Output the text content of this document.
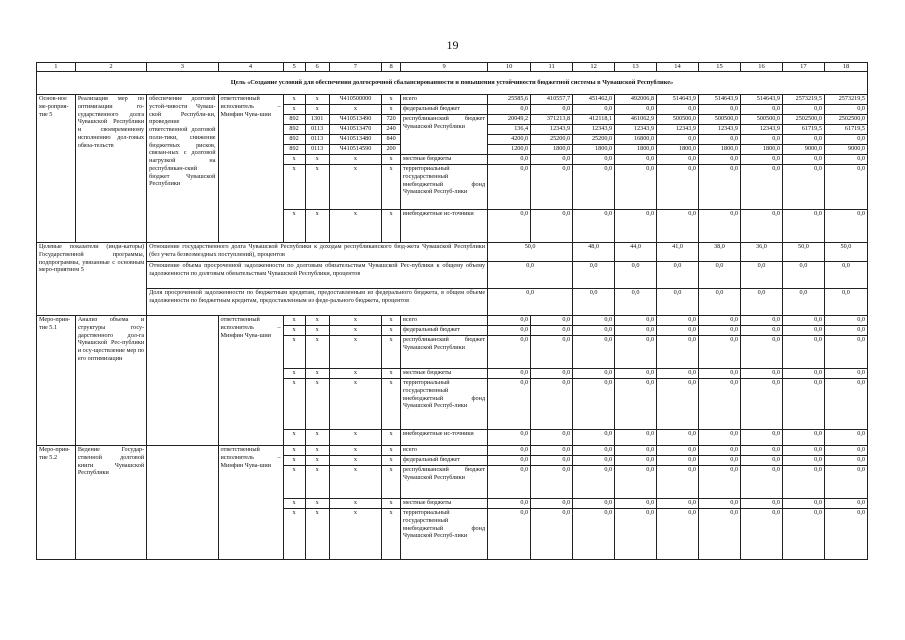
19
1	2	3	4	5	6	7	8	9	10	11	12	13	14	15	16	17	18
Цель «Создание условий для обеспечения долгосрочной сбалансированности и повышения устойчивости бюджетной системы в Чувашской Республике»																	
Основ-ное ме-роприя-тие 5	Реализация мер по оптимизации го-сударственного долга Чувашской Республики и своевременному исполнению дол-говых обяза-тельств	обеспечение долговой устой-чивости Чуваш-ской Республи-ки, проведение ответственной долговой поли-тики, снижение бюджетных рисков, связан-ных с долговой нагрузкой на республикан-ский бюджет Чувашской Республики	ответственный исполнитель – Минфин Чува-шии	x	x	Ч410500000	x	всего	25585,6	410557,7	451462,0	492006,8	514643,9	514643,9	514643,9	2573219,5	2573219,5
				x	x	x	x	федеральный бюджет	0,0	0,0	0,0	0,0	0,0	0,0	0,0	0,0	0,0
				892	1301	Ч410513490	720	республиканский бюджет Чувашской Республики	20049,2	371213,8	412118,1	461062,9	500500,0	500500,0	500500,0	2502500,0	2502500,0
				892	0113	Ч410513470	240		136,4	12343,9	12343,9	12343,9	12343,9	12343,9	12343,9	61719,5	61719,5
				892	0113	Ч410513480	840		4200,0	25200,0	25200,0	16800,0	0,0	0,0	0,0	0,0	0,0
				892	0113	Ч410514590	200		1200,0	1800,0	1800,0	1800,0	1800,0	1800,0	1800,0	9000,0	9000,0
				x	x	x	x	местные бюджеты	0,0	0,0	0,0	0,0	0,0	0,0	0,0	0,0	0,0
				x	x	x	x	территориальный государственный внебюджетный фонд Чувашской Респуб-лики	0,0	0,0	0,0	0,0	0,0	0,0	0,0	0,0	0,0
				x	x	x	x	внебюджетные ис-точники	0,0	0,0	0,0	0,0	0,0	0,0	0,0	0,0	0,0
Целевые показатели (инди-каторы) Государственной программы, подпрограммы, увязанные с основным меро-приятием 5		Отношение государственного долга Чувашской Республики к доходам республиканского бюд-жета Чувашской Республики (без учета безвозмездных поступлений), процентов							50,0		48,0	44,0	41,0	38,0	36,0	50,0	50,0
		Отношение объема просроченной задолженности по долговым обязательствам Чувашской Рес-публики к общему объему задолженности по долговым обязательствам Чувашской Республики, процентов							0,0		0,0	0,0	0,0	0,0	0,0	0,0	0,0
		Доля просроченной задолженности по бюджетным кредитам, предоставленным из федерального бюджета, в общем объеме задолженности по бюджетным кредитам, предоставленным из феде-рального бюджета, процентов							0,0		0,0	0,0	0,0	0,0	0,0	0,0	0,0
Меро-прия-тие 5.1	Анализ объема и структуры госу-дарственного дол-га Чувашской Рес-публики и осу-ществление мер по его оптимизации		ответственный исполнитель – Минфин Чува-шии	x	x	x	x	всего	0,0	0,0	0,0	0,0	0,0	0,0	0,0	0,0	0,0
				x	x	x	x	федеральный бюджет	0,0	0,0	0,0	0,0	0,0	0,0	0,0	0,0	0,0
				x	x	x	x	республиканский бюджет Чувашской Республики	0,0	0,0	0,0	0,0	0,0	0,0	0,0	0,0	0,0
				x	x	x	x	местные бюджеты	0,0	0,0	0,0	0,0	0,0	0,0	0,0	0,0	0,0
				x	x	x	x	территориальный государственный внебюджетный фонд Чувашской Респуб-лики	0,0	0,0	0,0	0,0	0,0	0,0	0,0	0,0	0,0
				x	x	x	x	внебюджетные ис-точники	0,0	0,0	0,0	0,0	0,0	0,0	0,0	0,0	0,0
Меро-прия-тие 5.2	Ведение Государ-ственной долговой книги Чувашской Республики		ответственный исполнитель – Минфин Чува-шии	x	x	x	x	всего	0,0	0,0	0,0	0,0	0,0	0,0	0,0	0,0	0,0
				x	x	x	x	федеральный бюджет	0,0	0,0	0,0	0,0	0,0	0,0	0,0	0,0	0,0
				x	x	x	x	республиканский бюджет Чувашской Республики	0,0	0,0	0,0	0,0	0,0	0,0	0,0	0,0	0,0
				x	x	x	x	местные бюджеты	0,0	0,0	0,0	0,0	0,0	0,0	0,0	0,0	0,0
				x	x	x	x	территориальный государственный внебюджетный фонд Чувашской Респуб-лики	0,0	0,0	0,0	0,0	0,0	0,0	0,0	0,0	0,0
